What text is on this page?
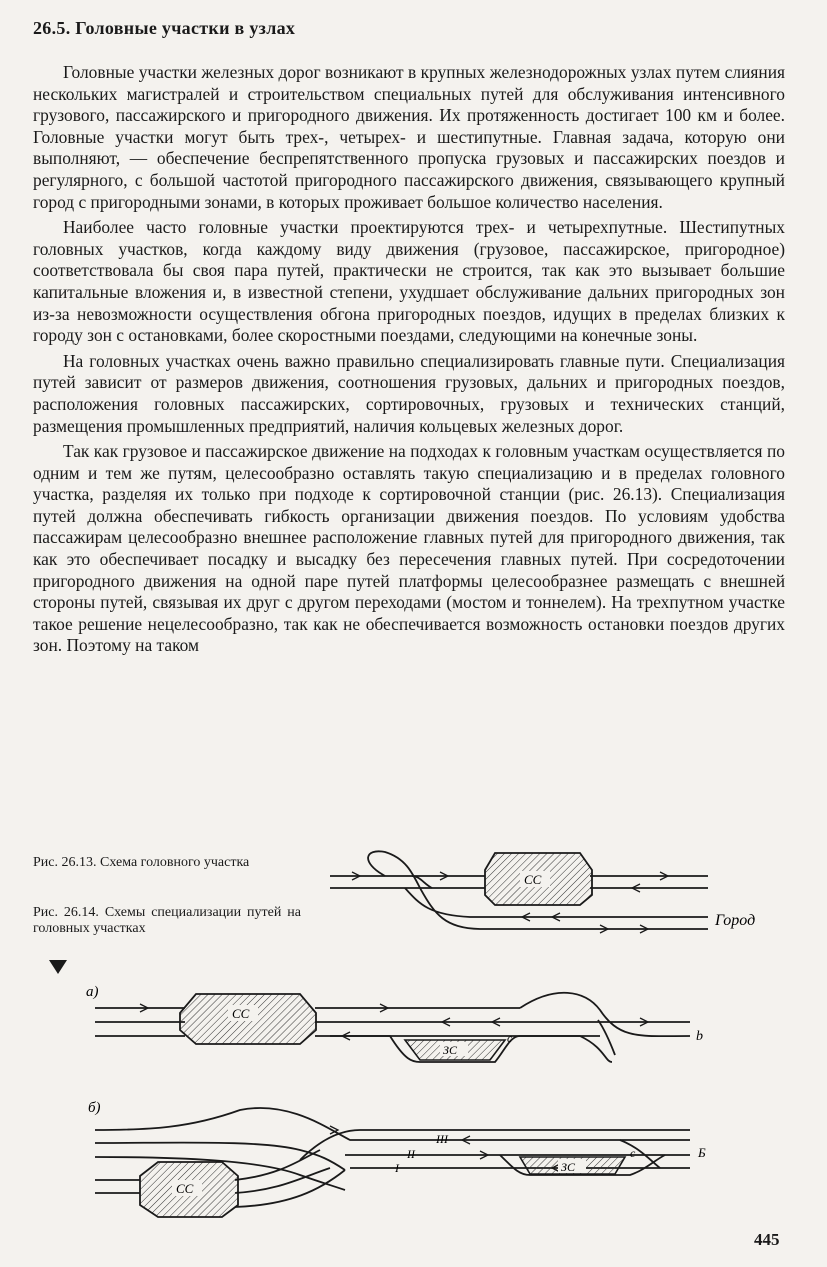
26.5. Головные участки в узлах

Головные участки железных дорог возникают в крупных железнодорожных узлах путем слияния нескольких магистралей и строительством специальных путей для обслуживания интенсивного грузового, пассажирского и пригородного движения. Их протяженность достигает 100 км и более. Головные участки могут быть трех-, четырех- и шестипутные. Главная задача, которую они выполняют, — обеспечение беспрепятственного пропуска грузовых и пассажирских поездов и регулярного, с большой частотой пригородного пассажирского движения, связывающего крупный город с пригородными зонами, в которых проживает большое количество населения.

Наиболее часто головные участки проектируются трех- и четырехпутные. Шестипутных головных участков, когда каждому виду движения (грузовое, пассажирское, пригородное) соответствовала бы своя пара путей, практически не строится, так как это вызывает большие капитальные вложения и, в известной степени, ухудшает обслуживание дальних пригородных зон из-за невозможности осуществления обгона пригородных поездов, идущих в пределах близких к городу зон с остановками, более скоростными поездами, следующими на конечные зоны.

На головных участках очень важно правильно специализировать главные пути. Специализация путей зависит от размеров движения, соотношения грузовых, дальних и пригородных поездов, расположения головных пассажирских, сортировочных, грузовых и технических станций, размещения промышленных предприятий, наличия кольцевых железных дорог.

Так как грузовое и пассажирское движение на подходах к головным участкам осуществляется по одним и тем же путям, целесообразно оставлять такую специализацию и в пределах головного участка, разделяя их только при подходе к сортировочной станции (рис. 26.13). Специализация путей должна обеспечивать гибкость организации движения поездов. По условиям удобства пассажирам целесообразно внешнее расположение главных путей для пригородного движения, так как это обеспечивает посадку и высадку без пересечения главных путей. При сосредоточении пригородного движения на одной паре путей платформы целесообразнее размещать с внешней стороны путей, связывая их друг с другом переходами (мостом и тоннелем). На трехпутном участке такое решение нецелесообразно, так как не обеспечивается возможность остановки поездов других зон. Поэтому на таком

Рис. 26.13. Схема головного участка
Рис. 26.14. Схемы специализации путей на головных участках
СС
Город
а)
СС
ЗС
с	b
б)
СС
ЗС
III
II
I
с	Б
445
